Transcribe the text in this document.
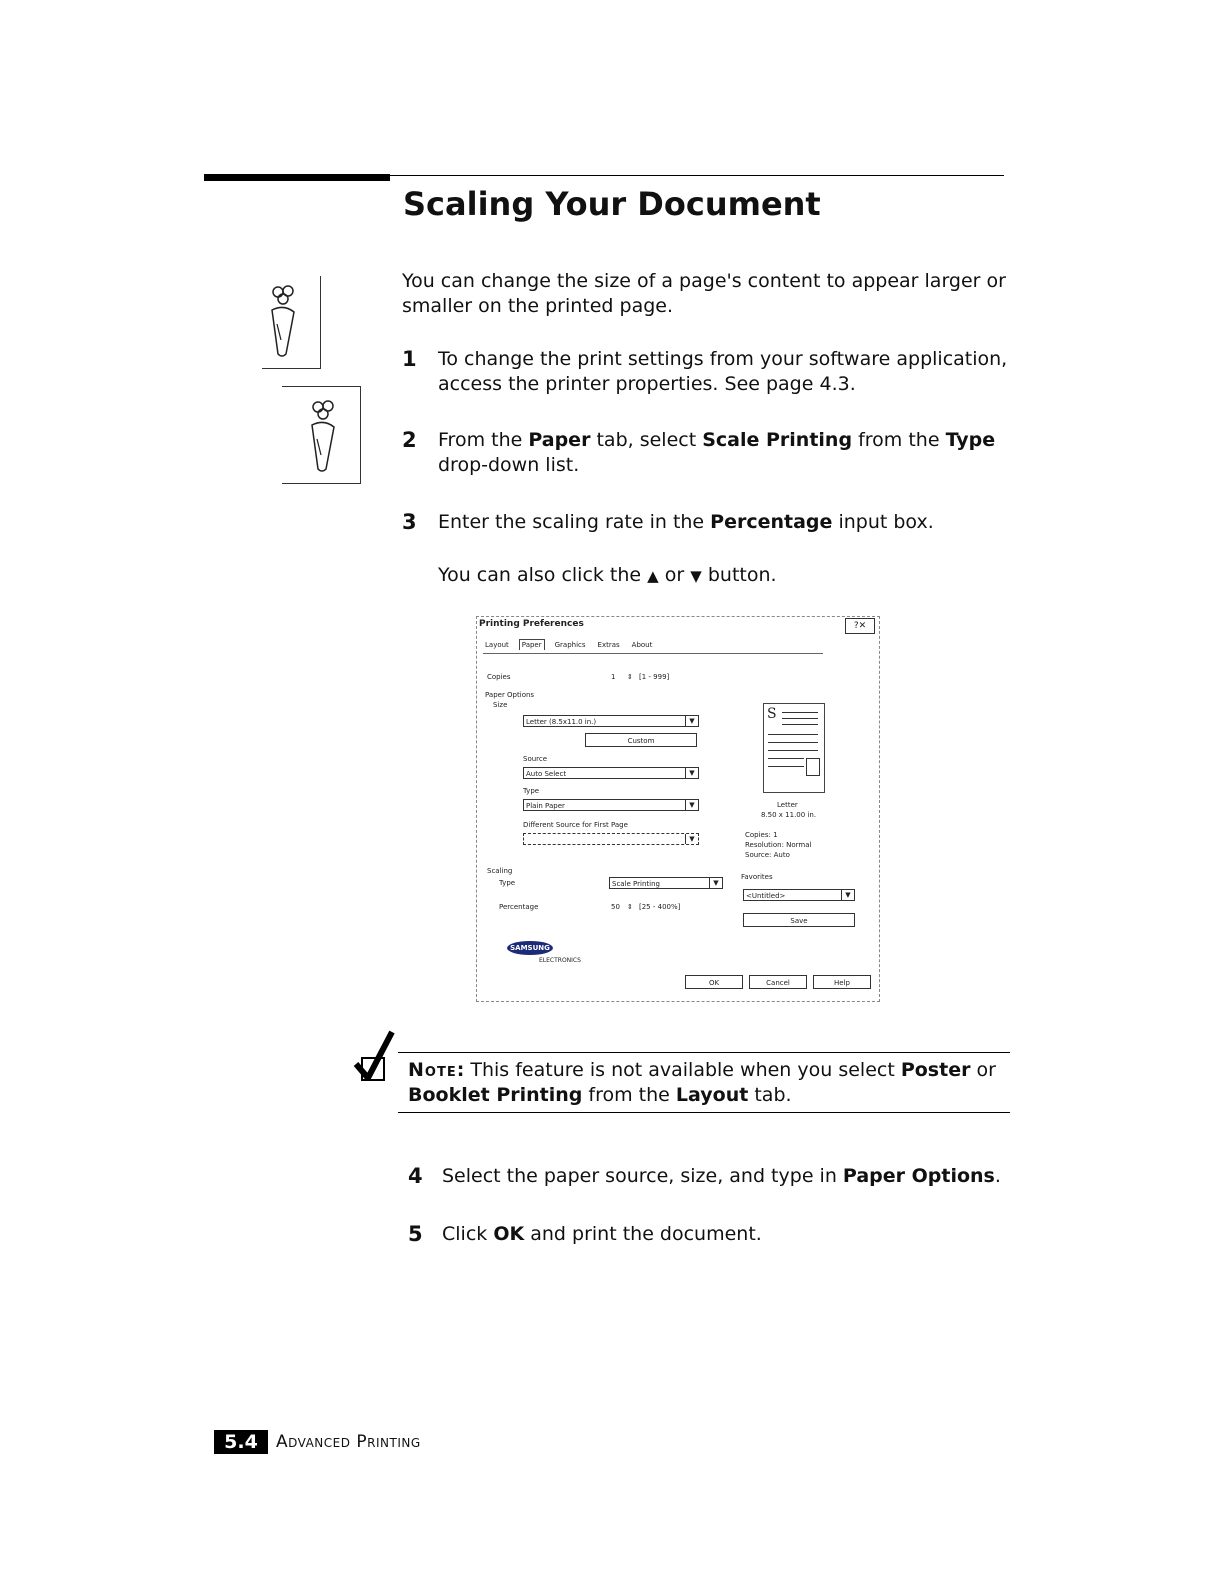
Scaling Your Document
You can change the size of a page's content to appear larger or smaller on the printed page.
1 To change the print settings from your software application, access the printer properties. See page 4.3.
2 From the Paper tab, select Scale Printing from the Type drop-down list.
3 Enter the scaling rate in the Percentage input box.
You can also click the ▲ or ▼ button.
Printing Preferences	?✕
Layout Paper Graphics Extras About
Copies	1 ⇕ [1 - 999]
Paper Options
Size
Letter (8.5x11.0 in.)	▼
Custom
Source
Auto Select	▼
Type
Plain Paper	▼
Different Source for First Page
▼
Scaling
Type	Scale Printing	▼
Percentage	50 ⇕ [25 - 400%]
S
Letter
8.50 x 11.00 in.
Copies: 1
Resolution: Normal
Source: Auto
Favorites
<Untitled>	▼
Save
SAMSUNG
ELECTRONICS
OK	Cancel	Help
Note: This feature is not available when you select Poster or Booklet Printing from the Layout tab.
4 Select the paper source, size, and type in Paper Options.
5 Click OK and print the document.
5.4	Advanced Printing
